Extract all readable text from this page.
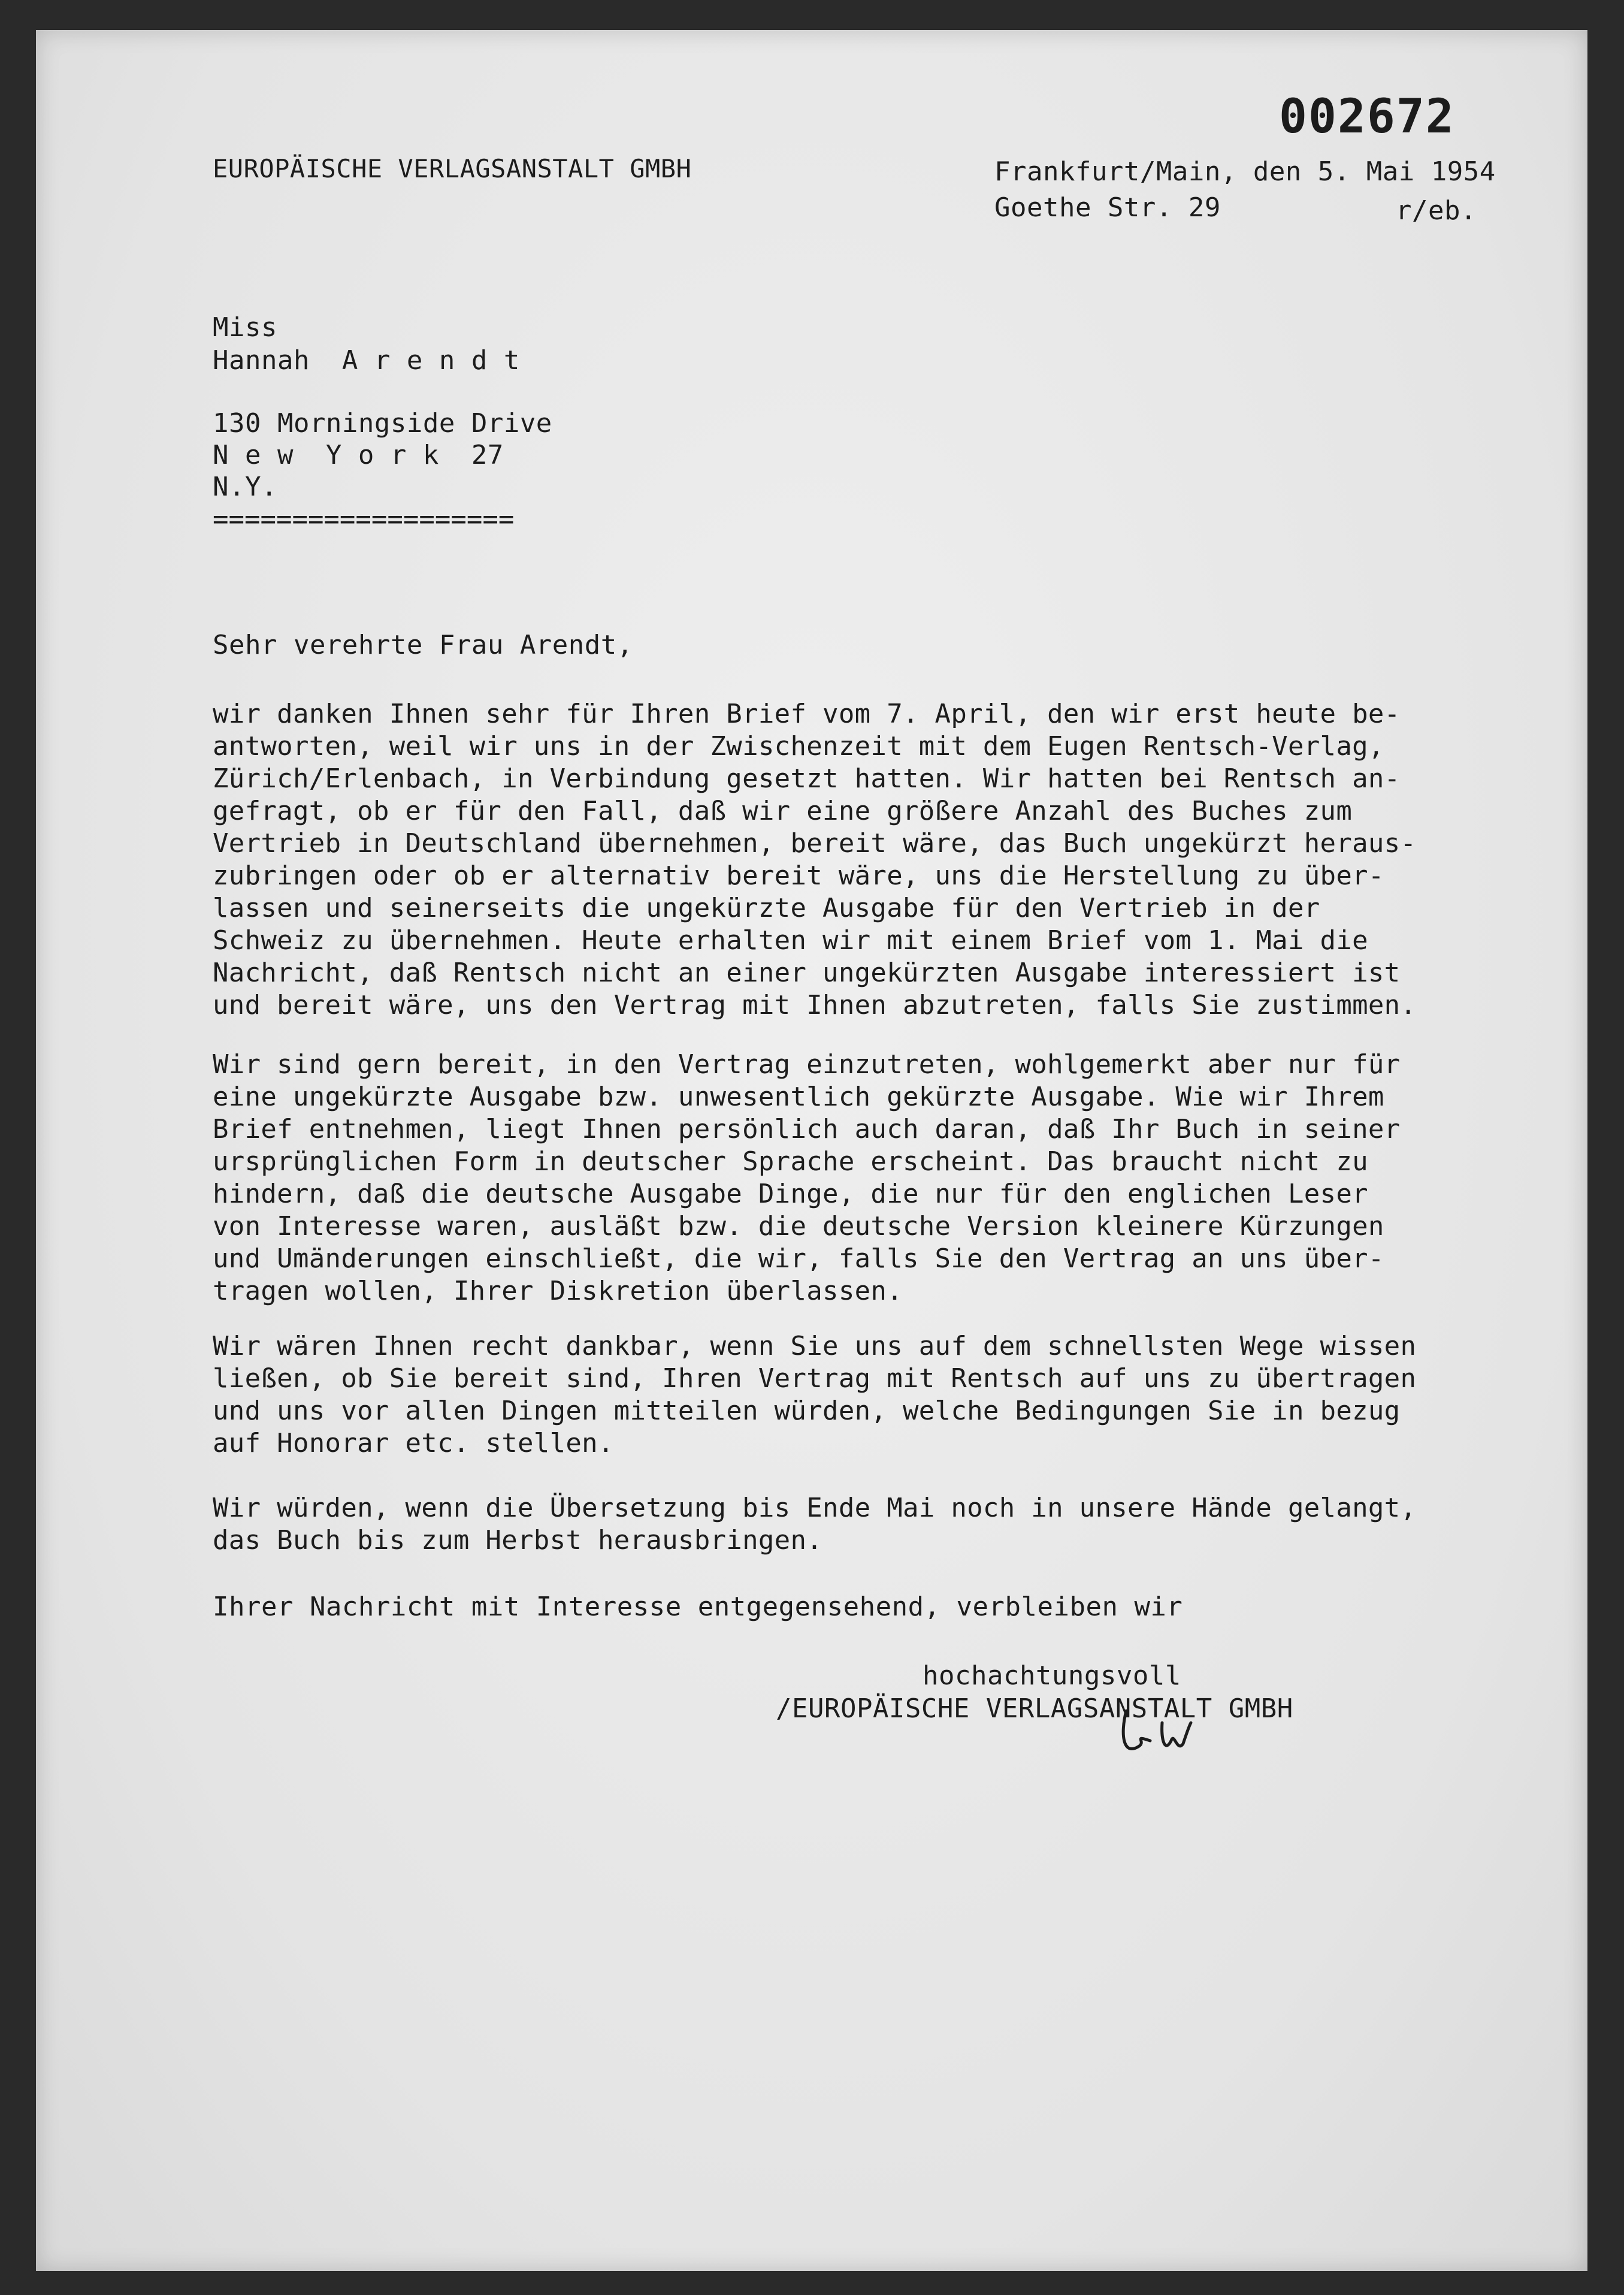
002672
EUROPÄISCHE VERLAGSANSTALT GMBH	Frankfurt/Main, den 5. Mai 1954
Goethe Str. 29	r/eb.
Miss
Hannah  A r e n d t
130 Morningside Drive
N e w  Y o r k  27
N.Y.
===================
Sehr verehrte Frau Arendt,
wir danken Ihnen sehr für Ihren Brief vom 7. April, den wir erst heute be-
antworten, weil wir uns in der Zwischenzeit mit dem Eugen Rentsch-Verlag,
Zürich/Erlenbach, in Verbindung gesetzt hatten. Wir hatten bei Rentsch an-
gefragt, ob er für den Fall, daß wir eine größere Anzahl des Buches zum
Vertrieb in Deutschland übernehmen, bereit wäre, das Buch ungekürzt heraus-
zubringen oder ob er alternativ bereit wäre, uns die Herstellung zu über-
lassen und seinerseits die ungekürzte Ausgabe für den Vertrieb in der
Schweiz zu übernehmen. Heute erhalten wir mit einem Brief vom 1. Mai die
Nachricht, daß Rentsch nicht an einer ungekürzten Ausgabe interessiert ist
und bereit wäre, uns den Vertrag mit Ihnen abzutreten, falls Sie zustimmen.
Wir sind gern bereit, in den Vertrag einzutreten, wohlgemerkt aber nur für
eine ungekürzte Ausgabe bzw. unwesentlich gekürzte Ausgabe. Wie wir Ihrem
Brief entnehmen, liegt Ihnen persönlich auch daran, daß Ihr Buch in seiner
ursprünglichen Form in deutscher Sprache erscheint. Das braucht nicht zu
hindern, daß die deutsche Ausgabe Dinge, die nur für den englichen Leser
von Interesse waren, ausläßt bzw. die deutsche Version kleinere Kürzungen
und Umänderungen einschließt, die wir, falls Sie den Vertrag an uns über-
tragen wollen, Ihrer Diskretion überlassen.
Wir wären Ihnen recht dankbar, wenn Sie uns auf dem schnellsten Wege wissen
ließen, ob Sie bereit sind, Ihren Vertrag mit Rentsch auf uns zu übertragen
und uns vor allen Dingen mitteilen würden, welche Bedingungen Sie in bezug
auf Honorar etc. stellen.
Wir würden, wenn die Übersetzung bis Ende Mai noch in unsere Hände gelangt,
das Buch bis zum Herbst herausbringen.
Ihrer Nachricht mit Interesse entgegensehend, verbleiben wir
hochachtungsvoll
/EUROPÄISCHE VERLAGSANSTALT GMBH
